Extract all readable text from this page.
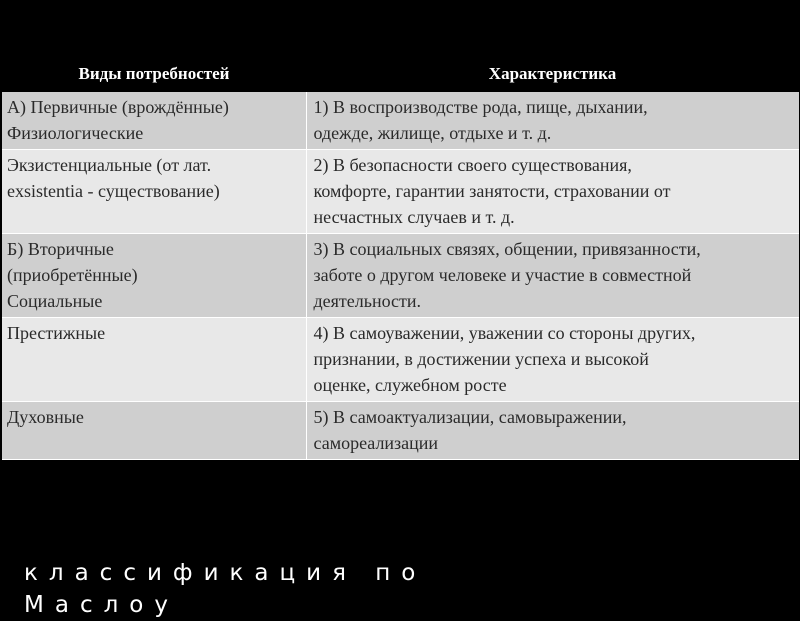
Виды потребностей	Характеристика

А) Первичные (врождённые)
Физиологические	1) В воспроизводстве рода, пище, дыхании,
одежде, жилище, отдыхе и т. д.

Экзистенциальные (от лат.
exsistentia - существование)	2) В безопасности своего существования,
комфорте, гарантии занятости, страховании от
несчастных случаев и т. д.

Б) Вторичные
(приобретённые)
Социальные	3) В социальных связях, общении, привязанности,
заботе о другом человеке и участие в совместной
деятельности.

Престижные	4) В самоуважении, уважении со стороны других,
признании, в достижении успеха и высокой
оценке, служебном росте

Духовные	5) В самоактуализации, самовыражении,
самореализации
классификация по
Маслоу
